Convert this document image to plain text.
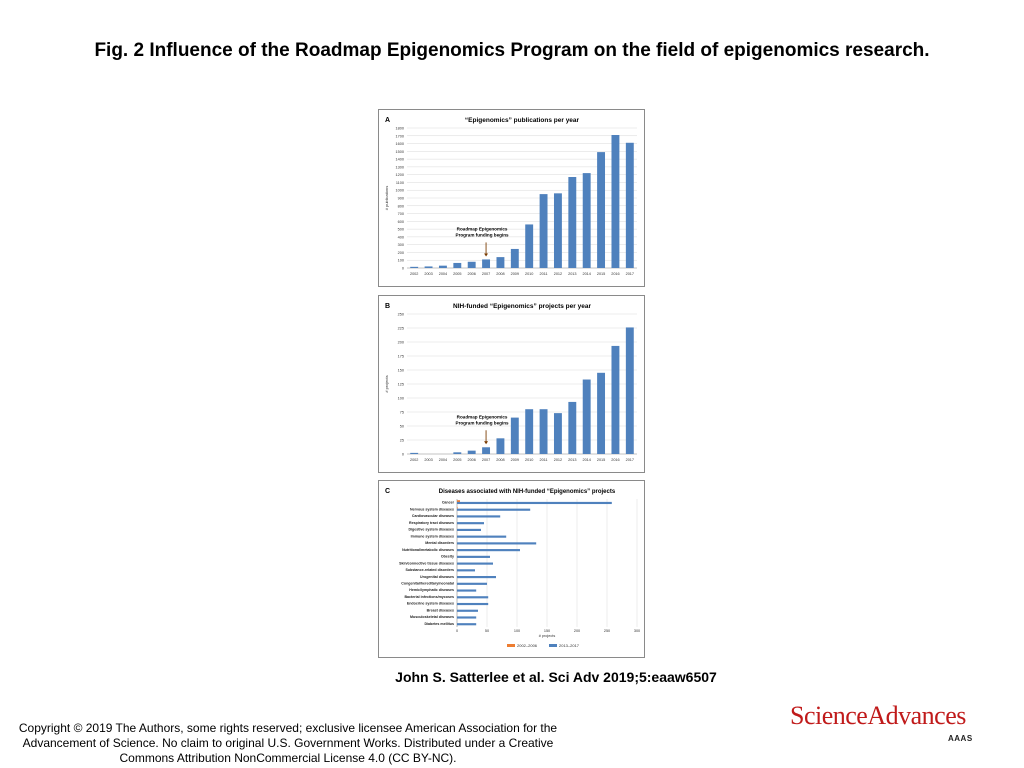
Fig. 2 Influence of the Roadmap Epigenomics Program on the field of epigenomics research.
A	“Epigenomics” publications per year
0
100
200
300
400
500
600
700
800
900
1000
1100
1200
1300
1400
1500
1600
1700
1800
# publications
2002 2003 2004 2005 2006 2007 2008 2009 2010 2011 2012 2013 2014 2015 2016 2017
Roadmap Epigenomics
Program funding begins
B	NIH-funded “Epigenomics” projects per year
0
25
50
75
100
125
150
175
200
225
250
# projects
2002 2003 2004 2005 2006 2007 2008 2009 2010 2011 2012 2013 2014 2015 2016 2017
Roadmap Epigenomics
Program funding begins
C	Diseases associated with NIH-funded “Epigenomics” projects
0	50	100	150	200	250	300
# projects
Cancer
Nervous system diseases
Cardiovascular diseases
Respiratory tract diseases
Digestive system diseases
Immune system diseases
Mental disorders
Nutritional/metabolic diseases
Obesity
Skin/connective tissue diseases
Substance-related disorders
Urogenital diseases
Congenital/hereditary/neonatal
Hemic/lymphatic diseases
Bacterial infections/mycoses
Endocrine system diseases
Breast diseases
Musculoskeletal diseases
Diabetes mellitus
2002–2006	2013–2017
John S. Satterlee et al. Sci Adv 2019;5:eaaw6507
Copyright © 2019 The Authors, some rights reserved; exclusive licensee American Association for the Advancement of Science. No claim to original U.S. Government Works. Distributed under a Creative Commons Attribution NonCommercial License 4.0 (CC BY-NC).
ScienceAdvances
AAAS
